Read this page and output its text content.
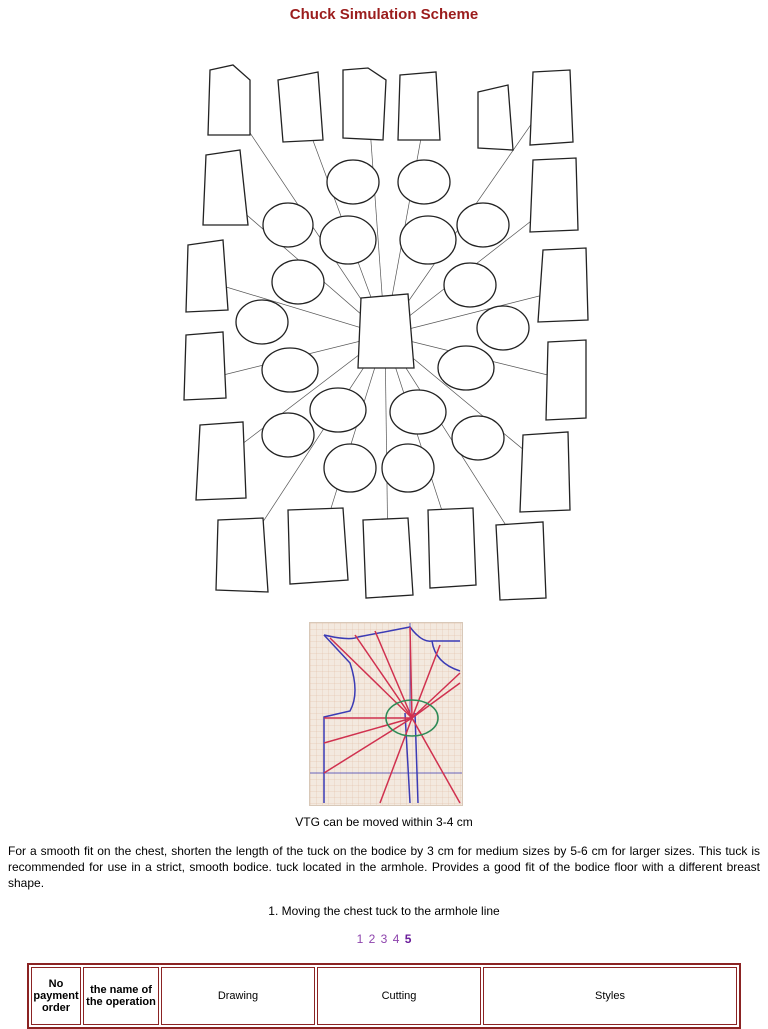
Chuck Simulation Scheme
VTG can be moved within 3-4 cm
For a smooth fit on the chest, shorten the length of the tuck on the bodice by 3 cm for medium sizes by 5-6 cm for larger sizes. This tuck is recommended for use in a strict, smooth bodice. tuck located in the armhole. Provides a good fit of the bodice floor with a different breast shape.
1. Moving the chest tuck to the armhole line
1 2 3 4 5
No payment order	the name of the operation	Drawing	Cutting	Styles
